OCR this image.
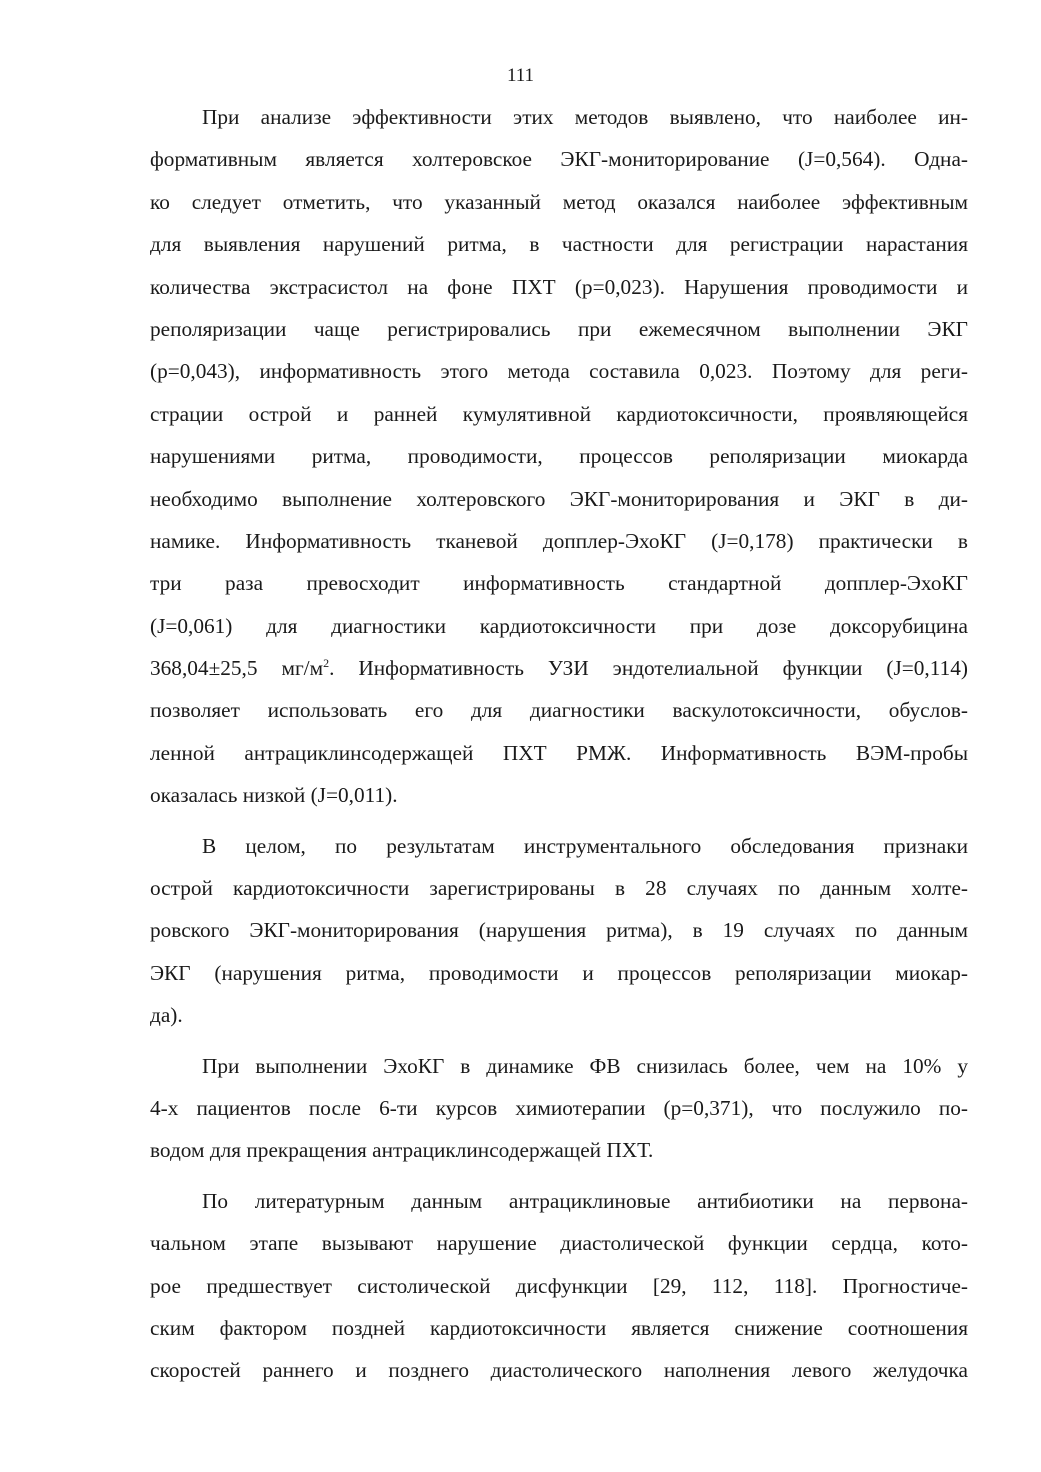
111
При анализе эффективности этих методов выявлено, что наиболее ин-
формативным является холтеровское ЭКГ-мониторирование (J=0,564). Одна-
ко следует отметить, что указанный метод оказался наиболее эффективным
для выявления нарушений ритма, в частности для регистрации нарастания
количества экстрасистол на фоне ПХТ (p=0,023). Нарушения проводимости и
реполяризации чаще регистрировались при ежемесячном выполнении ЭКГ
(p=0,043), информативность этого метода составила 0,023. Поэтому для реги-
страции острой и ранней кумулятивной кардиотоксичности, проявляющейся
нарушениями ритма, проводимости, процессов реполяризации миокарда
необходимо выполнение холтеровского ЭКГ-мониторирования и ЭКГ в ди-
намике. Информативность тканевой допплер-ЭхоКГ (J=0,178) практически в
три раза превосходит информативность стандартной допплер-ЭхоКГ
(J=0,061) для диагностики кардиотоксичности при дозе доксорубицина
368,04±25,5 $мг/м^2$. Информативность УЗИ эндотелиальной функции (J=0,114)
позволяет использовать его для диагностики васкулотоксичности, обуслов-
ленной антрациклинсодержащей ПХТ РМЖ. Информативность ВЭМ-пробы
оказалась низкой (J=0,011).
В целом, по результатам инструментального обследования признаки
острой кардиотоксичности зарегистрированы в 28 случаях по данным холте-
ровского ЭКГ-мониторирования (нарушения ритма), в 19 случаях по данным
ЭКГ (нарушения ритма, проводимости и процессов реполяризации миокар-
да).
При выполнении ЭхоКГ в динамике ФВ снизилась более, чем на 10% у
4-х пациентов после 6-ти курсов химиотерапии (p=0,371), что послужило по-
водом для прекращения антрациклинсодержащей ПХТ.
По литературным данным антрациклиновые антибиотики на первона-
чальном этапе вызывают нарушение диастолической функции сердца, кото-
рое предшествует систолической дисфункции [29, 112, 118]. Прогностиче-
ским фактором поздней кардиотоксичности является снижение соотношения
скоростей раннего и позднего диастолического наполнения левого желудочка
